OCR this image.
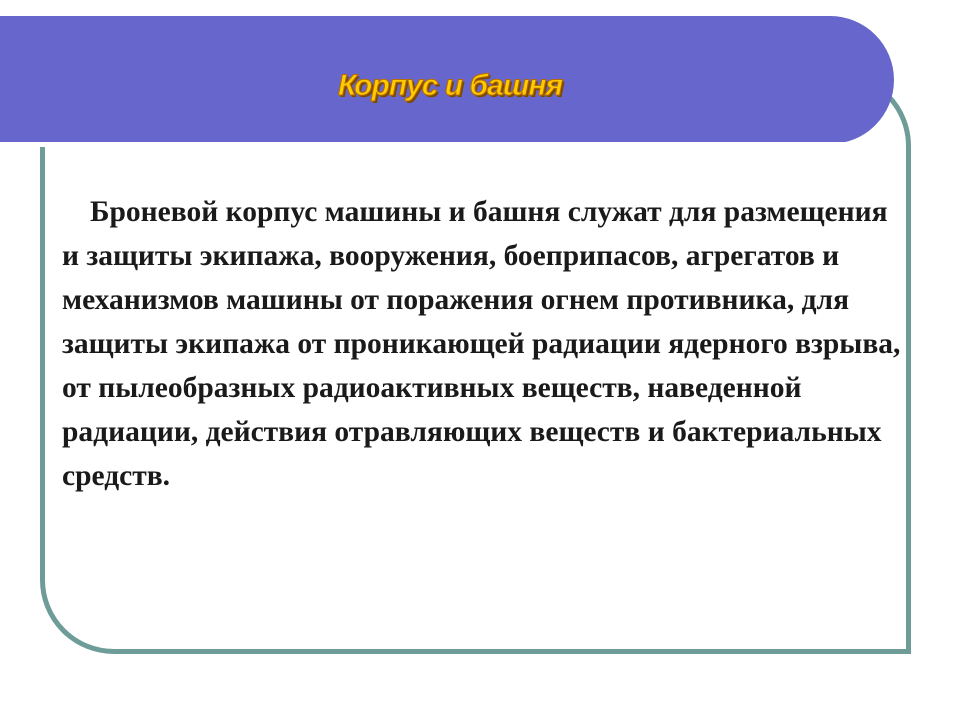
Корпус и башня

Броневой корпус машины и башня служат для размещения и защиты экипажа, вооружения, боеприпасов, агрегатов и механизмов машины от поражения огнем противника, для защиты экипажа от проникающей радиации ядерного взрыва, от пылеобразных радиоактивных веществ, наведенной радиации, действия отравляющих веществ и бактериальных средств.
